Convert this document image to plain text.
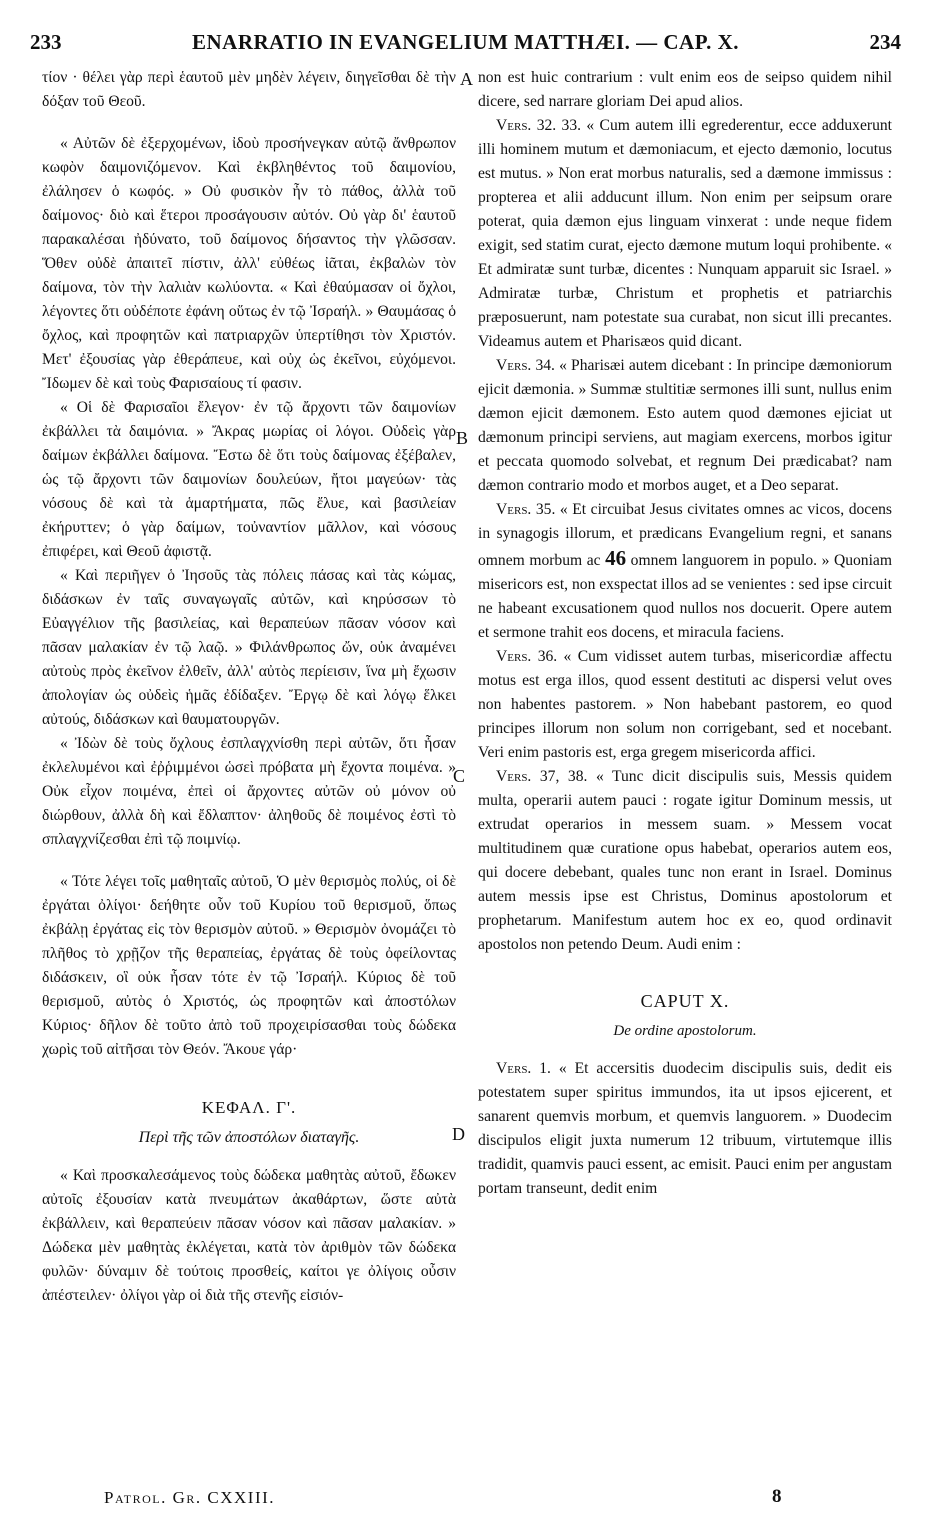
233	ENARRATIO IN EVANGELIUM MATTHÆI. — CAP. X.	234
A
B
C
D

τίον · θέλει γὰρ περὶ ἑαυτοῦ μὲν μηδὲν λέγειν, διηγεῖσθαι δὲ τὴν δόξαν τοῦ Θεοῦ.

« Αὐτῶν δὲ ἐξερχομένων, ἰδοὺ προσήνεγκαν αὐτῷ ἄνθρωπον κωφὸν δαιμονιζόμενον. Καὶ ἐκβληθέντος τοῦ δαιμονίου, ἐλάλησεν ὁ κωφός. » Οὐ φυσικὸν ἦν τὸ πάθος, ἀλλὰ τοῦ δαίμονος· διὸ καὶ ἕτεροι προσάγουσιν αὐτόν. Οὐ γὰρ δι' ἑαυτοῦ παρακαλέσαι ἠδύνατο, τοῦ δαίμονος δήσαντος τὴν γλῶσσαν. Ὅθεν οὐδὲ ἀπαιτεῖ πίστιν, ἀλλ' εὐθέως ἰᾶται, ἐκβαλὼν τὸν δαίμονα, τὸν τὴν λαλιὰν κωλύοντα. « Καὶ ἐθαύμασαν οἱ ὄχλοι, λέγοντες ὅτι οὐδέποτε ἐφάνη οὕτως ἐν τῷ Ἰσραήλ. » Θαυμάσας ὁ ὄχλος, καὶ προφητῶν καὶ πατριαρχῶν ὑπερτίθησι τὸν Χριστόν. Μετ' ἐξουσίας γὰρ ἐθεράπευε, καὶ οὐχ ὡς ἐκεῖνοι, εὐχόμενοι. Ἴδωμεν δὲ καὶ τοὺς Φαρισαίους τί φασιν.

« Οἱ δὲ Φαρισαῖοι ἔλεγον· ἐν τῷ ἄρχοντι τῶν δαιμονίων ἐκβάλλει τὰ δαιμόνια. » Ἄκρας μωρίας οἱ λόγοι. Οὐδεὶς γὰρ δαίμων ἐκβάλλει δαίμονα. Ἔστω δὲ ὅτι τοὺς δαίμονας ἐξέβαλεν, ὡς τῷ ἄρχοντι τῶν δαιμονίων δουλεύων, ἤτοι μαγεύων· τὰς νόσους δὲ καὶ τὰ ἁμαρτήματα, πῶς ἔλυε, καὶ βασιλείαν ἐκήρυττεν; ὁ γὰρ δαίμων, τοὐναντίον μᾶλλον, καὶ νόσους ἐπιφέρει, καὶ Θεοῦ ἀφιστᾷ.

« Καὶ περιῆγεν ὁ Ἰησοῦς τὰς πόλεις πάσας καὶ τὰς κώμας, διδάσκων ἐν ταῖς συναγωγαῖς αὐτῶν, καὶ κηρύσσων τὸ Εὐαγγέλιον τῆς βασιλείας, καὶ θεραπεύων πᾶσαν νόσον καὶ πᾶσαν μαλακίαν ἐν τῷ λαῷ. » Φιλάνθρωπος ὤν, οὐκ ἀναμένει αὐτοὺς πρὸς ἐκεῖνον ἐλθεῖν, ἀλλ' αὐτὸς περίεισιν, ἵνα μὴ ἔχωσιν ἀπολογίαν ὡς οὐδεὶς ἡμᾶς ἐδίδαξεν. Ἔργῳ δὲ καὶ λόγῳ ἕλκει αὐτούς, διδάσκων καὶ θαυματουργῶν.

« Ἰδὼν δὲ τοὺς ὄχλους ἐσπλαγχνίσθη περὶ αὐτῶν, ὅτι ἦσαν ἐκλελυμένοι καὶ ἐῤῥιμμένοι ὡσεὶ πρόβατα μὴ ἔχοντα ποιμένα. » Οὐκ εἶχον ποιμένα, ἐπεὶ οἱ ἄρχοντες αὐτῶν οὐ μόνον οὐ διώρθουν, ἀλλὰ δὴ καὶ ἔδλαπτον· ἀληθοῦς δὲ ποιμένος ἐστὶ τὸ σπλαγχνίζεσθαι ἐπὶ τῷ ποιμνίῳ.

« Τότε λέγει τοῖς μαθηταῖς αὐτοῦ, Ὁ μὲν θερισμὸς πολύς, οἱ δὲ ἐργάται ὀλίγοι· δεήθητε οὖν τοῦ Κυρίου τοῦ θερισμοῦ, ὅπως ἐκβάλῃ ἐργάτας εἰς τὸν θερισμὸν αὐτοῦ. » Θερισμὸν ὀνομάζει τὸ πλῆθος τὸ χρῇζον τῆς θεραπείας, ἐργάτας δὲ τοὺς ὀφείλοντας διδάσκειν, οἳ οὐκ ἦσαν τότε ἐν τῷ Ἰσραήλ. Κύριος δὲ τοῦ θερισμοῦ, αὐτὸς ὁ Χριστός, ὡς προφητῶν καὶ ἀποστόλων Κύριος· δῆλον δὲ τοῦτο ἀπὸ τοῦ προχειρίσασθαι τοὺς δώδεκα χωρὶς τοῦ αἰτῆσαι τὸν Θεόν. Ἄκουε γάρ·

ΚΕΦΑΛ. Γ'.
Περὶ τῆς τῶν ἀποστόλων διαταγῆς.

« Καὶ προσκαλεσάμενος τοὺς δώδεκα μαθητὰς αὐτοῦ, ἔδωκεν αὐτοῖς ἐξουσίαν κατὰ πνευμάτων ἀκαθάρτων, ὥστε αὐτὰ ἐκβάλλειν, καὶ θεραπεύειν πᾶσαν νόσον καὶ πᾶσαν μαλακίαν. » Δώδεκα μὲν μαθητὰς ἐκλέγεται, κατὰ τὸν ἀριθμὸν τῶν δώδεκα φυλῶν· δύναμιν δὲ τούτοις προσθείς, καίτοι γε ὀλίγοις οὖσιν ἀπέστειλεν· ὀλίγοι γὰρ οἱ διὰ τῆς στενῆς εἰσιόν-

non est huic contrarium : vult enim eos de seipso quidem nihil dicere, sed narrare gloriam Dei apud alios.

Vers. 32. 33. « Cum autem illi egrederentur, ecce adduxerunt illi hominem mutum et dæmoniacum, et ejecto dæmonio, locutus est mutus. » Non erat morbus naturalis, sed a dæmone immissus : propterea et alii adducunt illum. Non enim per seipsum orare poterat, quia dæmon ejus linguam vinxerat : unde neque fidem exigit, sed statim curat, ejecto dæmone mutum loqui prohibente. « Et admiratæ sunt turbæ, dicentes : Nunquam apparuit sic Israel. » Admiratæ turbæ, Christum et prophetis et patriarchis præposuerunt, nam potestate sua curabat, non sicut illi precantes. Videamus autem et Pharisæos quid dicant.

Vers. 34. « Pharisæi autem dicebant : In principe dæmoniorum ejicit dæmonia. » Summæ stultitiæ sermones illi sunt, nullus enim dæmon ejicit dæmonem. Esto autem quod dæmones ejiciat ut dæmonum principi serviens, aut magiam exercens, morbos igitur et peccata quomodo solvebat, et regnum Dei prædicabat? nam dæmon contrario modo et morbos auget, et a Deo separat.

Vers. 35. « Et circuibat Jesus civitates omnes ac vicos, docens in synagogis illorum, et prædicans Evangelium regni, et sanans omnem morbum ac 46 omnem languorem in populo. » Quoniam misericors est, non exspectat illos ad se venientes : sed ipse circuit ne habeant excusationem quod nullos nos docuerit. Opere autem et sermone trahit eos docens, et miracula faciens.

Vers. 36. « Cum vidisset autem turbas, misericordiæ affectu motus est erga illos, quod essent destituti ac dispersi velut oves non habentes pastorem. » Non habebant pastorem, eo quod principes illorum non solum non corrigebant, sed et nocebant. Veri enim pastoris est, erga gregem misericorda affici.

Vers. 37, 38. « Tunc dicit discipulis suis, Messis quidem multa, operarii autem pauci : rogate igitur Dominum messis, ut extrudat operarios in messem suam. » Messem vocat multitudinem quæ curatione opus habebat, operarios autem eos, qui docere debebant, quales tunc non erant in Israel. Dominus autem messis ipse est Christus, Dominus apostolorum et prophetarum. Manifestum autem hoc ex eo, quod ordinavit apostolos non petendo Deum. Audi enim :

CAPUT X.
De ordine apostolorum.

Vers. 1. « Et accersitis duodecim discipulis suis, dedit eis potestatem super spiritus immundos, ita ut ipsos ejicerent, et sanarent quemvis morbum, et quemvis languorem. » Duodecim discipulos eligit juxta numerum 12 tribuum, virtutemque illis tradidit, quamvis pauci essent, ac emisit. Pauci enim per angustam portam transeunt, dedit enim

Patrol. Gr. CXXIII.	8
